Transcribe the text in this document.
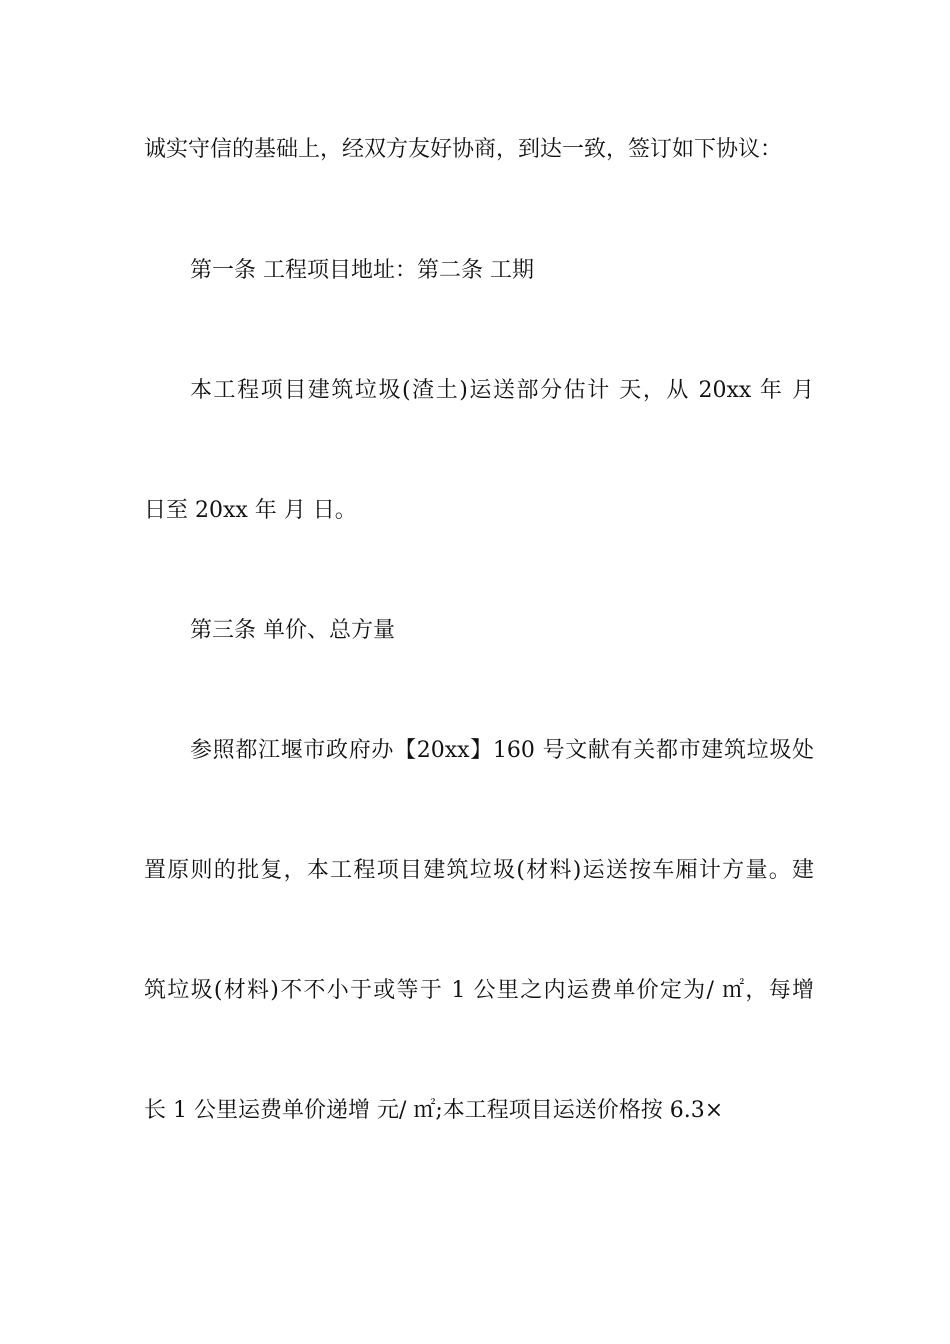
诚实守信的基础上，经双方友好协商，到达一致，签订如下协议：
第一条 工程项目地址：第二条 工期
本工程项目建筑垃圾(渣土)运送部分估计 天，从 20xx 年 月
日至 20xx 年 月 日。
第三条 单价、总方量
参照都江堰市政府办【20xx】160 号文献有关都市建筑垃圾处
置原则的批复，本工程项目建筑垃圾(材料)运送按车厢计方量。建
筑垃圾(材料)不不小于或等于 1 公里之内运费单价定为/ ㎡，每增
长 1 公里运费单价递增 元/ ㎡;本工程项目运送价格按 6.3×
